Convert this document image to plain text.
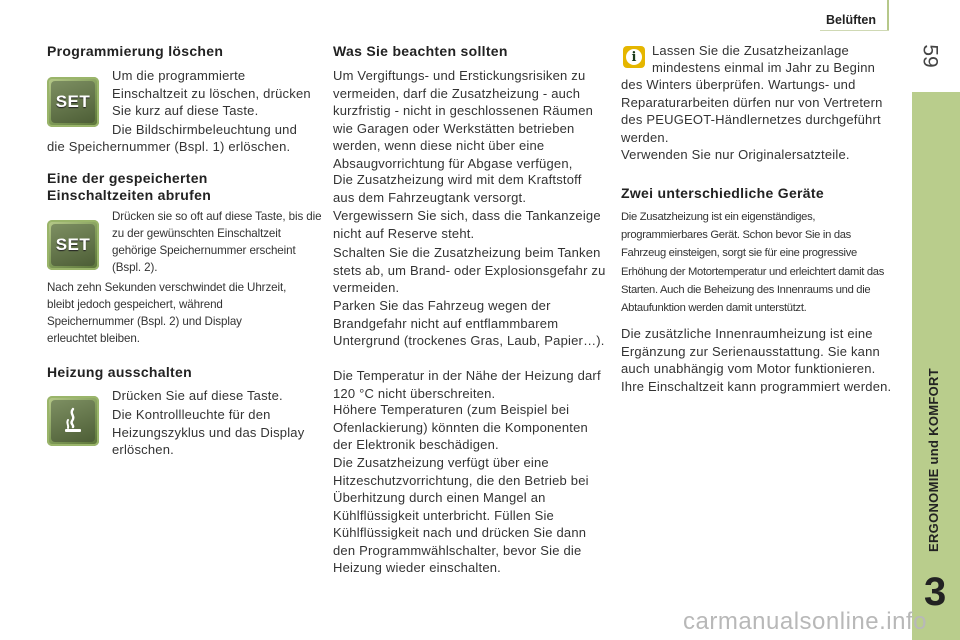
Belüften
59
ERGONOMIE und KOMFORT
3
Programmierung löschen
SET

Um die programmierte Einschaltzeit zu löschen, drücken Sie kurz auf diese Taste.

Die Bildschirmbeleuchtung und

die Speichernummer (Bspl. 1) erlöschen.

Eine der gespeicherten
Einschaltzeiten abrufen
SET

Drücken sie so oft auf diese Taste, bis die zu der gewünschten Einschaltzeit gehörige Speichernummer erscheint (Bspl. 2).

Nach zehn Sekunden verschwindet die Uhrzeit, bleibt jedoch gespeichert, während Speichernummer (Bspl. 2) und Display erleuchtet bleiben.

Heizung ausschalten

Drücken Sie auf diese Taste.

Die Kontrollleuchte für den Heizungszyklus und das Display erlöschen.

Was Sie beachten sollten

Um Vergiftungs- und Erstickungsrisiken zu vermeiden, darf die Zusatzheizung - auch kurzfristig - nicht in geschlossenen Räumen wie Garagen oder Werkstätten betrieben werden, wenn diese nicht über eine Absaugvorrichtung für Abgase verfügen,

Die Zusatzheizung wird mit dem Kraftstoff aus dem Fahrzeugtank versorgt.

Vergewissern Sie sich, dass die Tankanzeige nicht auf Reserve steht.

Schalten Sie die Zusatzheizung beim Tanken stets ab, um Brand- oder Explosionsgefahr zu vermeiden.

Parken Sie das Fahrzeug wegen der Brandgefahr nicht auf entflammbarem Untergrund (trockenes Gras, Laub, Papier…).

Die Temperatur in der Nähe der Heizung darf 120 °C nicht überschreiten.

Höhere Temperaturen (zum Beispiel bei Ofenlackierung) könnten die Komponenten der Elektronik beschädigen.

Die Zusatzheizung verfügt über eine Hitzeschutzvorrichtung, die den Betrieb bei Überhitzung durch einen Mangel an Kühlflüssigkeit unterbricht. Füllen Sie Kühlflüssigkeit nach und drücken Sie dann den Programmwählschalter, bevor Sie die Heizung wieder einschalten.

i	Lassen Sie die Zusatzheizanlage

mindestens einmal im Jahr zu Beginn

des Winters überprüfen. Wartungs- und Reparaturarbeiten dürfen nur von Vertretern des PEUGEOT-Händlernetzes durchgeführt werden.

Verwenden Sie nur Originalersatzteile.

Zwei unterschiedliche Geräte

Die Zusatzheizung ist ein eigenständiges, programmierbares Gerät. Schon bevor Sie in das Fahrzeug einsteigen, sorgt sie für eine progressive Erhöhung der Motortemperatur und erleichtert damit das Starten. Auch die Beheizung des Innenraums und die Abtaufunktion werden damit unterstützt.

Die zusätzliche Innenraumheizung ist eine Ergänzung zur Serienausstattung. Sie kann auch unabhängig vom Motor funktionieren. Ihre Einschaltzeit kann programmiert werden.

carmanualsonline.info
